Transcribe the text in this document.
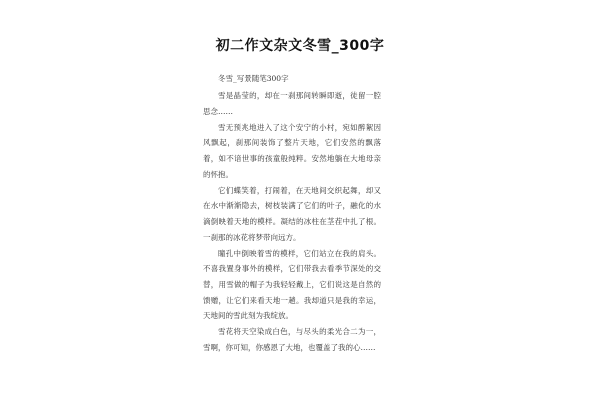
初二作文杂文冬雪_300字
冬雪_写景随笔300字

雪是晶莹的，却在一刹那间转瞬即逝，徒留一腔思念……

雪无预兆地进入了这个安宁的小村，宛如醉絮因风飘起，刹那间装饰了整片天地，它们安然的飘落着，如不谙世事的孩童般纯粹。安然地躺在大地母亲的怀抱。

它们蝶笑着，打闹着，在天地间交织起舞，却又在水中渐渐隐去，树枝装满了它们的叶子，融化的水滴倒映着天地的模样。凝结的冰柱在茎茬中扎了根。一刹那的冰花将梦带向远方。

瞳孔中倒映着雪的模样，它们站立在我的肩头。不喜我置身事外的模样，它们带我去看季节深处的交替，用雪做的帽子为我轻轻戴上，它们说这是自然的馈赠，让它们来看天地一趟。我却道只是我的幸运，天地间的雪此刻为我绽放。

雪花将天空染成白色，与尽头的柔光合二为一，雪啊，你可知，你感恩了大地，也覆盖了我的心……
